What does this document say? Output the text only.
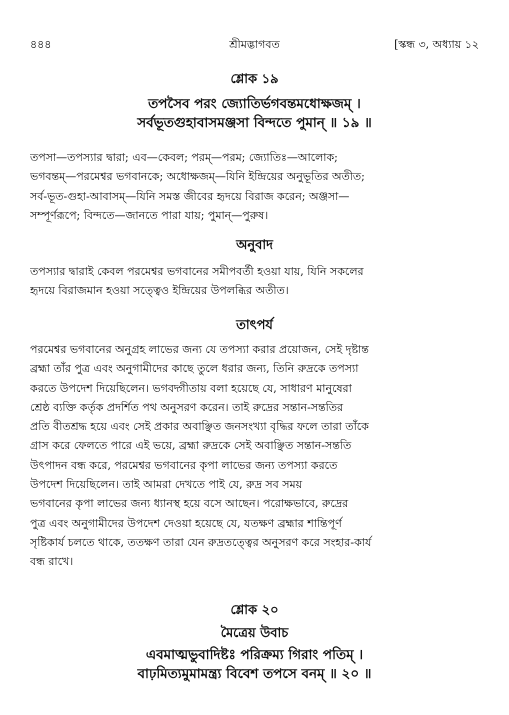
৪৪৪	শ্রীমদ্ভাগবত	[স্কন্ধ ৩, অধ্যায় ১২
শ্লোক ১৯
তপসৈব পরং জ্যোতির্ভগবন্তমধোক্ষজম্ ।
সর্বভূতগুহাবাসমঞ্জসা বিন্দতে পুমান্ ॥ ১৯ ॥
তপসা—তপস্যার দ্বারা; এব—কেবল; পরম্—পরম; জ্যোতিঃ—আলোক;
ভগবন্তম্—পরমেশ্বর ভগবানকে; অধোক্ষজম্—যিনি ইন্দ্রিয়ের অনুভূতির অতীত;
সর্ব-ভূত-গুহা-আবাসম্—যিনি সমস্ত জীবের হৃদয়ে বিরাজ করেন; অঞ্জসা—
সম্পূর্ণরূপে; বিন্দতে—জানতে পারা যায়; পুমান্—পুরুষ।
অনুবাদ
তপস্যার দ্বারাই কেবল পরমেশ্বর ভগবানের সমীপবর্তী হওয়া যায়, যিনি সকলের
হৃদয়ে বিরাজমান হওয়া সত্ত্বেও ইন্দ্রিয়ের উপলব্ধির অতীত।
তাৎপর্য
পরমেশ্বর ভগবানের অনুগ্রহ লাভের জন্য যে তপস্যা করার প্রয়োজন, সেই দৃষ্টান্ত
ব্রহ্মা তাঁর পুত্র এবং অনুগামীদের কাছে তুলে ধরার জন্য, তিনি রুদ্রকে তপস্যা
করতে উপদেশ দিয়েছিলেন। ভগবদ্গীতায় বলা হয়েছে যে, সাধারণ মানুষেরা
শ্রেষ্ঠ ব্যক্তি কর্তৃক প্রদর্শিত পথ অনুসরণ করেন। তাই রুদ্রের সন্তান-সন্ততির
প্রতি বীতশ্রদ্ধ হয়ে এবং সেই প্রকার অবাঞ্ছিত জনসংখ্যা বৃদ্ধির ফলে তারা তাঁকে
গ্রাস করে ফেলতে পারে এই ভয়ে, ব্রহ্মা রুদ্রকে সেই অবাঞ্ছিত সন্তান-সন্ততি
উৎপাদন বন্ধ করে, পরমেশ্বর ভগবানের কৃপা লাভের জন্য তপস্যা করতে
উপদেশ দিয়েছিলেন। তাই আমরা দেখতে পাই যে, রুদ্র সব সময়
ভগবানের কৃপা লাভের জন্য ধ্যানস্থ হয়ে বসে আছেন। পরোক্ষভাবে, রুদ্রের
পুত্র এবং অনুগামীদের উপদেশ দেওয়া হয়েছে যে, যতক্ষণ ব্রহ্মার শান্তিপূর্ণ
সৃষ্টিকার্য চলতে থাকে, ততক্ষণ তারা যেন রুদ্রতত্ত্বের অনুসরণ করে সংহার-কার্য
বন্ধ রাখে।
শ্লোক ২০
মৈত্রেয় উবাচ
এবমাত্মভুবাদিষ্টঃ পরিক্রম্য গিরাং পতিম্ ।
বাঢ়মিত্যমুমামন্ত্র্য বিবেশ তপসে বনম্ ॥ ২০ ॥
